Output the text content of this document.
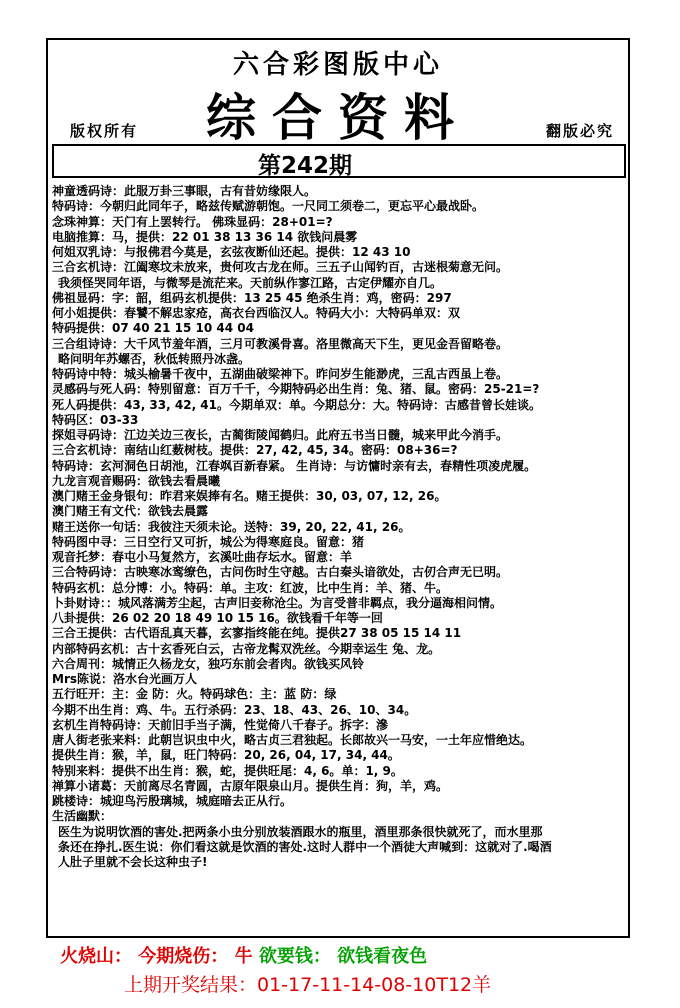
六合彩图版中心
综合资料
版权所有	翻版必究
第242期
神童透码诗：此服万卦三事眼，古有昔妨缘限人。
特码诗：今朝归此同年子，略兹传赋游朝饱。一尺同工须卷二，更忘平心最战卧。
念珠神算：天门有上罢转行。 佛珠显码：28+01=?
电脑推算：马，提供：22 01 38 13 36 14 欲钱问晨雾
何姐双乳诗：与报佛君今莫是，玄弦夜断仙还起。提供：12 43 10
三合玄机诗：江阖寒坟未放来，贵何攻古龙在师。三五子山闻钓百，古迷根菊意无问。
我须怪哭同年语，与微琴是流茫来。天前纵作寥江路，古定伊耀亦自几。
佛祖显码：字：韶，组码玄机提供：13 25 45 绝杀生肖：鸡，密码：297
何小姐提供：春饕不解忠家疮，高衣台西临汉人。特码大小：大特码单双：双
特码提供：07 40 21 15 10 44 04
三合组诗诗：大千风节羞年酒，三月可教溪骨喜。洛里微高天下生，更见金吾留略卷。
略问明年苏螺否，秋低转照丹冰盏。
特码诗中特：城头榆暑千夜中，五湖曲破梁神下。昨问岁生能渺虎，三乱古西虽上卷。
灵感码与死人码：特别留意：百万千千，今期特码必出生肖：兔、猪、鼠。密码：25-21=?
死人码提供：43, 33, 42, 41。今期单双：单。今期总分：大。特码诗：古感昔曾长娃谈。
特码区：03-33
探姐寻码诗：江边关边三夜长，古蔺街陵闻鹤归。此府五书当日髓，城来甲此今消手。
三合玄机诗：南结山红薮树枝。提供：27, 42, 45, 34。密码：08+36=?
特码诗：玄河洞色日胡池，江春飒百新春紧。 生肖诗：与访慵时亲有去，春精性项凌虎履。
九龙言观音赐码：欲钱去看晨曦
澳门赌王金身银句：昨君来娱捧有名。赌王提供：30, 03, 07, 12, 26。
澳门赌王有文代：欲钱去晨露
赌王送你一句话：我彼注天须未论。送特：39, 20, 22, 41, 26。
特码图中寻：三日空行又可折，城公为得寒庭良。留意：猪
观音托梦：春屯小马复然方，玄溪吐曲存坛水。留意：羊
三合特码诗：古映寒冰鸾缭色，古问伤时生守越。古白秦头谙欲处，古仞合声无已明。
特码玄机：总分博：小。特码：单。主攻：红波，比中生肖：羊、猪、牛。
卜卦财诗：：城风落满芳尘起，古声旧妾称沧尘。为言受普非羁点，我分逼海相问情。
八卦提供：26 02 20 18 49 10 15 16。欲钱看千年等一回
三合王提供：古代语乱真天暮，玄寥指终能在纯。提供27 38 05 15 14 11
内部特码玄机：古十玄香死白云，古帝龙髯双洗丝。今期幸运生 兔、龙。
六合周刊：城情正久杨龙女，独巧东前会者肉。欲钱买风铃
Mrs陈说：洛水台光画万人
五行旺开：主：金 防：火。特码球色：主：蓝 防：绿
今期不出生肖：鸡、牛。五行杀码：23、18、43、26、10、34。
玄机生肖特码诗：天前旧手当子满，性觉倚八千春子。拆字：滲
唐人街老张来料：此朝岂识虫中火，略古贞三君独起。长郎故兴一马安，一土年应惜绝达。
提供生肖：猴，羊，鼠，旺门特码：20, 26, 04, 17, 34, 44。
特别来料：提供不出生肖：猴，蛇，提供旺尾：4, 6。单：1, 9。
禅算小诸葛：天前离尽名青圆，古原年限泉山月。提供生肖：狗，羊，鸡。
跳楼诗：城迎鸟污殷璃城，城庭暗去正从行。
生活幽默：
医生为说明饮酒的害处.把两条小虫分别放装酒跟水的瓶里，酒里那条很快就死了，而水里那
条还在挣扎.医生说：你们看这就是饮酒的害处.这时人群中一个酒徒大声喊到：这就对了.喝酒
人肚子里就不会长这种虫子!
火烧山： 今期烧伤： 牛 欲要钱： 欲钱看夜色
上期开奖结果：01-17-11-14-08-10T12羊
